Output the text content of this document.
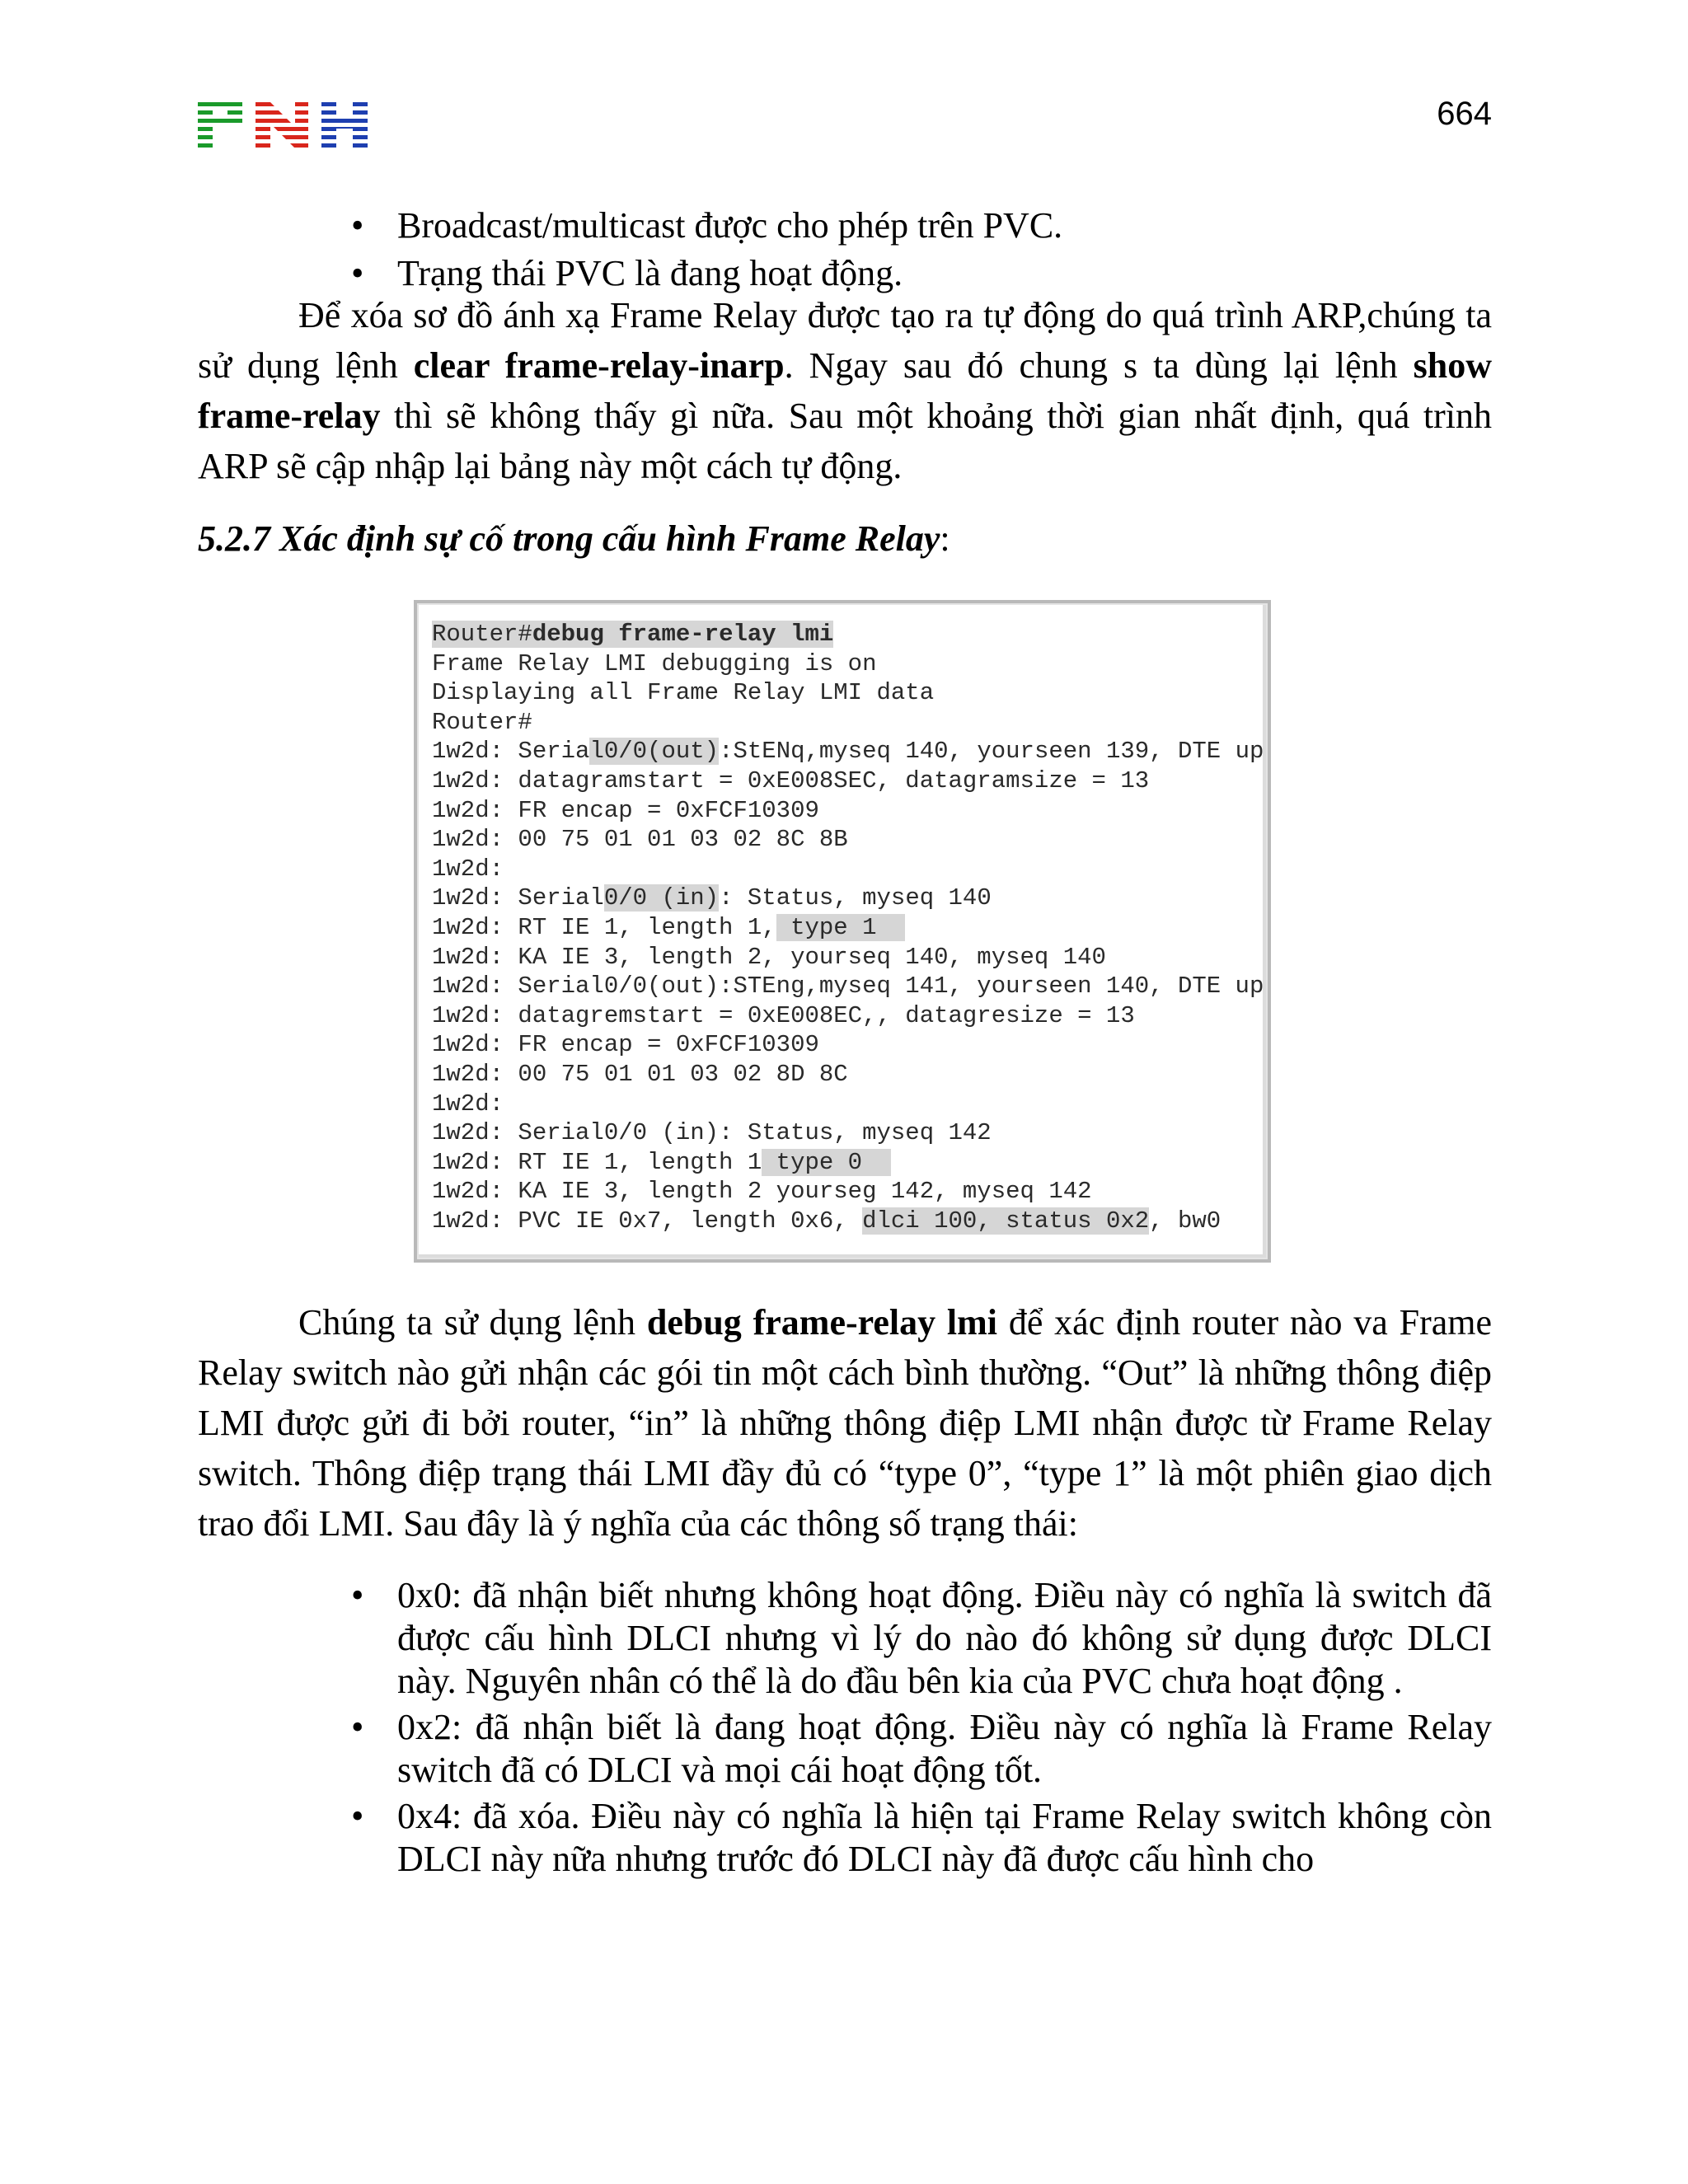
664
• Broadcast/multicast được cho phép trên PVC.
• Trạng thái PVC là đang hoạt động.

Để xóa sơ đồ ánh xạ Frame Relay được tạo ra tự động do quá trình ARP,chúng ta sử dụng lệnh clear frame-relay-inarp. Ngay sau đó chung s ta dùng lại lệnh show frame-relay thì sẽ không thấy gì nữa. Sau một khoảng thời gian nhất định, quá trình ARP sẽ cập nhập lại bảng này một cách tự động.

5.2.7 Xác định sự cố trong cấu hình Frame Relay:
Router#debug frame-relay lmi
Frame Relay LMI debugging is on
Displaying all Frame Relay LMI data
Router#
1w2d: Serial0/0(out):StENq,myseq 140, yourseen 139, DTE up
1w2d: datagramstart = 0xE008SEC, datagramsize = 13
1w2d: FR encap = 0xFCF10309
1w2d: 00 75 01 01 03 02 8C 8B
1w2d:
1w2d: Serial0/0 (in): Status, myseq 140
1w2d: RT IE 1, length 1, type 1
1w2d: KA IE 3, length 2, yourseq 140, myseq 140
1w2d: Serial0/0(out):STEng,myseq 141, yourseen 140, DTE up
1w2d: datagremstart = 0xE008EC,, datagresize = 13
1w2d: FR encap = 0xFCF10309
1w2d: 00 75 01 01 03 02 8D 8C
1w2d:
1w2d: Serial0/0 (in): Status, myseq 142
1w2d: RT IE 1, length 1 type 0
1w2d: KA IE 3, length 2 yourseg 142, myseq 142
1w2d: PVC IE 0x7, length 0x6, dlci 100, status 0x2, bw0

Chúng ta sử dụng lệnh debug frame-relay lmi để xác định router nào va Frame Relay switch nào gửi nhận các gói tin một cách bình thường. “Out” là những thông điệp LMI được gửi đi bởi router, “in” là những thông điệp LMI nhận được từ Frame Relay switch. Thông điệp trạng thái LMI đầy đủ có “type 0”, “type 1” là một phiên giao dịch trao đổi LMI. Sau đây là ý nghĩa của các thông số trạng thái:

• 0x0: đã nhận biết nhưng không hoạt động. Điều này có nghĩa là switch đã được cấu hình DLCI nhưng vì lý do nào đó không sử dụng được DLCI này. Nguyên nhân có thể là do đầu bên kia của PVC chưa hoạt động .
• 0x2: đã nhận biết là đang hoạt động. Điều này có nghĩa là Frame Relay switch đã có DLCI và mọi cái hoạt động tốt.
• 0x4: đã xóa. Điều này có nghĩa là hiện tại Frame Relay switch không còn DLCI này nữa nhưng trước đó DLCI này đã được cấu hình cho
